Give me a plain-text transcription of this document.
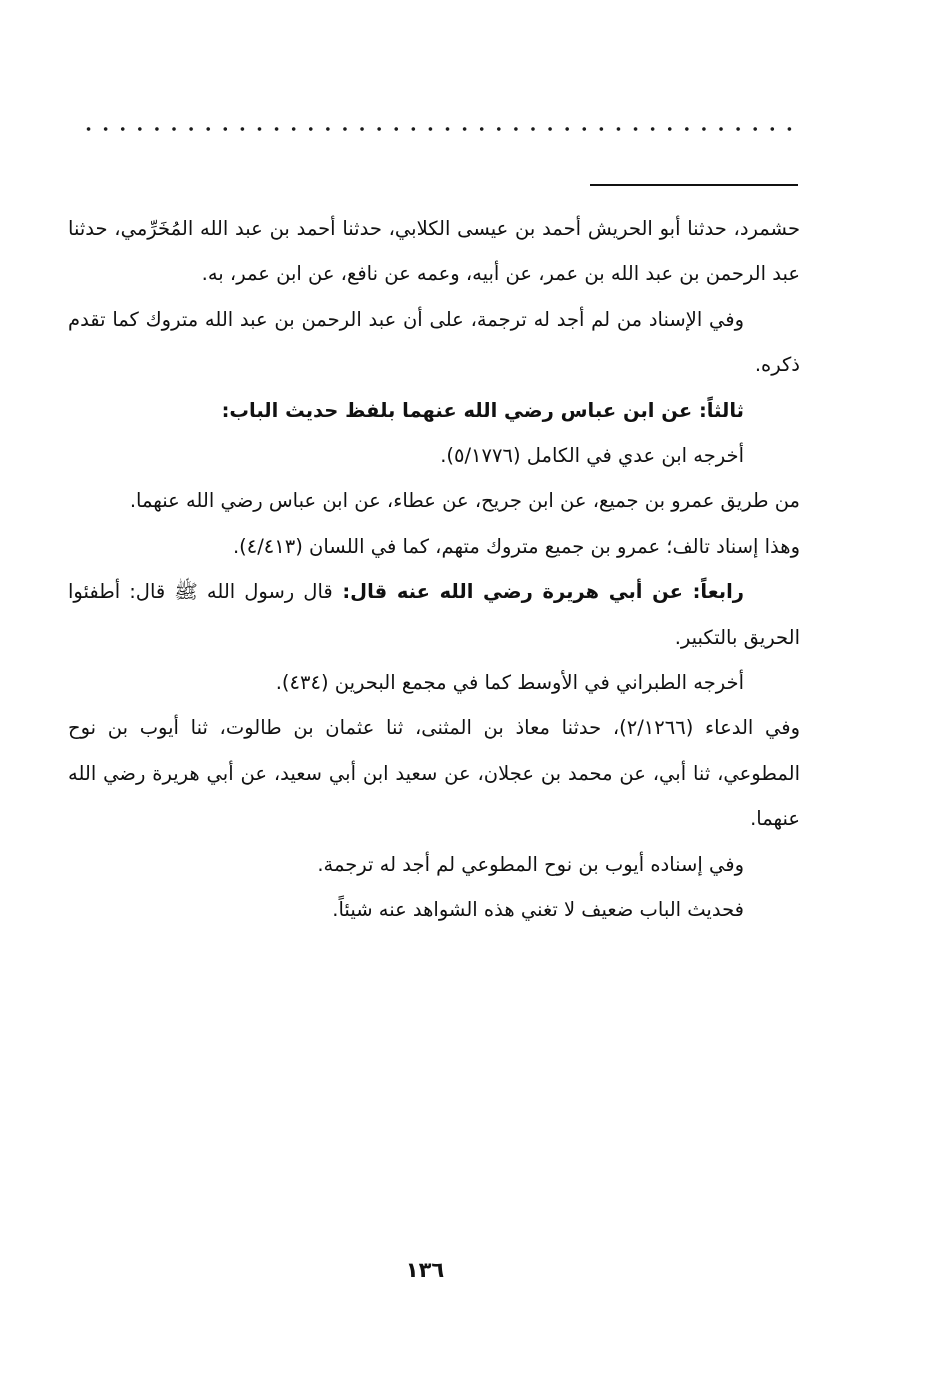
حشمرد، حدثنا أبو الحريش أحمد بن عيسى الكلابي، حدثنا أحمد بن عبد الله المُخَرِّمي، حدثنا عبد الرحمن بن عبد الله بن عمر، عن أبيه، وعمه عن نافع، عن ابن عمر، به.

وفي الإسناد من لم أجد له ترجمة، على أن عبد الرحمن بن عبد الله متروك كما تقدم ذكره.

ثالثاً: عن ابن عباس رضي الله عنهما بلفظ حديث الباب:

أخرجه ابن عدي في الكامل (٥/١٧٧٦).

من طريق عمرو بن جميع، عن ابن جريح، عن عطاء، عن ابن عباس رضي الله عنهما.

وهذا إسناد تالف؛ عمرو بن جميع متروك متهم، كما في اللسان (٤/٤١٣).

رابعاً: عن أبي هريرة رضي الله عنه قال: قال رسول الله ﷺ قال: أطفئوا الحريق بالتكبير.

أخرجه الطبراني في الأوسط كما في مجمع البحرين (٤٣٤).

وفي الدعاء (٢/١٢٦٦)، حدثنا معاذ بن المثنى، ثنا عثمان بن طالوت، ثنا أيوب بن نوح المطوعي، ثنا أبي، عن محمد بن عجلان، عن سعيد ابن أبي سعيد، عن أبي هريرة رضي الله عنهما.

وفي إسناده أيوب بن نوح المطوعي لم أجد له ترجمة.

فحديث الباب ضعيف لا تغني هذه الشواهد عنه شيئاً.

١٣٦
